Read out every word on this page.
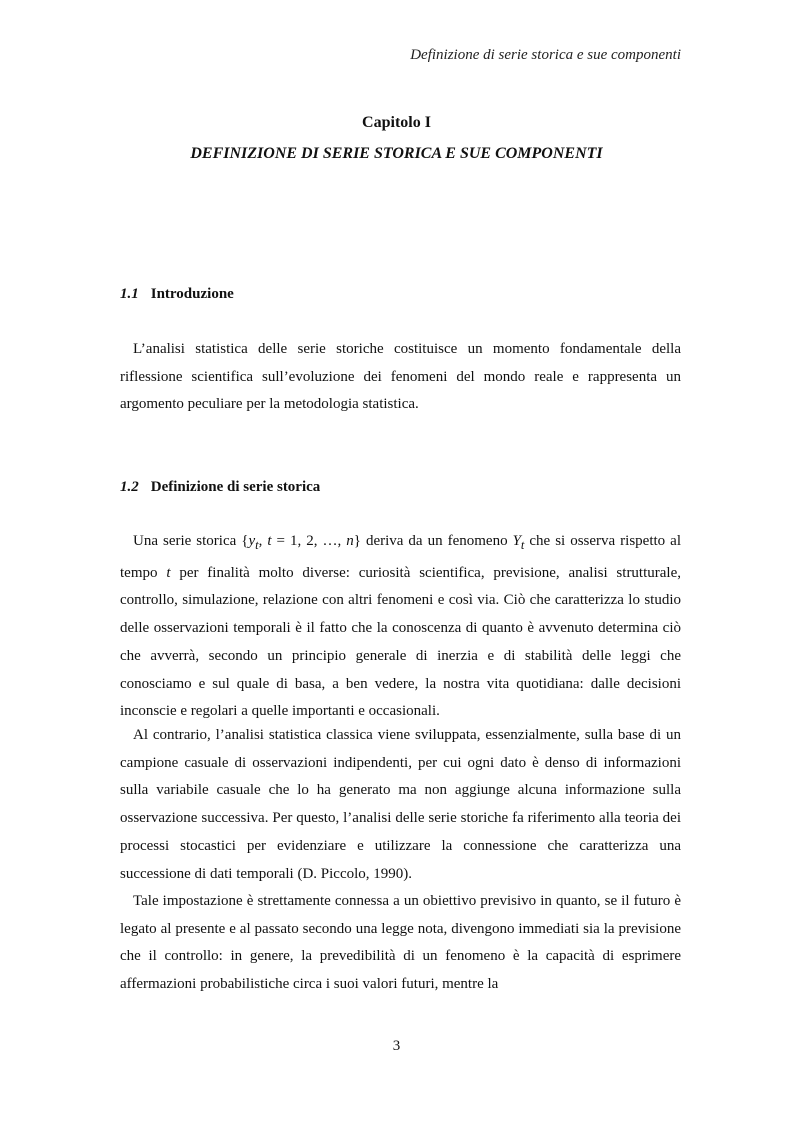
Definizione di serie storica e sue componenti
Capitolo I
DEFINIZIONE DI SERIE STORICA E SUE COMPONENTI
1.1 Introduzione

L’analisi statistica delle serie storiche costituisce un momento fondamentale della riflessione scientifica sull’evoluzione dei fenomeni del mondo reale e rappresenta un argomento peculiare per la metodologia statistica.

1.2 Definizione di serie storica

Una serie storica {$y_t$, t = 1, 2, …, n} deriva da un fenomeno $Y_t$ che si osserva rispetto al tempo t per finalità molto diverse: curiosità scientifica, previsione, analisi strutturale, controllo, simulazione, relazione con altri fenomeni e così via. Ciò che caratterizza lo studio delle osservazioni temporali è il fatto che la conoscenza di quanto è avvenuto determina ciò che avverrà, secondo un principio generale di inerzia e di stabilità delle leggi che conosciamo e sul quale di basa, a ben vedere, la nostra vita quotidiana: dalle decisioni inconscie e regolari a quelle importanti e occasionali.

Al contrario, l’analisi statistica classica viene sviluppata, essenzialmente, sulla base di un campione casuale di osservazioni indipendenti, per cui ogni dato è denso di informazioni sulla variabile casuale che lo ha generato ma non aggiunge alcuna informazione sulla osservazione successiva. Per questo, l’analisi delle serie storiche fa riferimento alla teoria dei processi stocastici per evidenziare e utilizzare la connessione che caratterizza una successione di dati temporali (D. Piccolo, 1990).

Tale impostazione è strettamente connessa a un obiettivo previsivo in quanto, se il futuro è legato al presente e al passato secondo una legge nota, divengono immediati sia la previsione che il controllo: in genere, la prevedibilità di un fenomeno è la capacità di esprimere affermazioni probabilistiche circa i suoi valori futuri, mentre la

3
